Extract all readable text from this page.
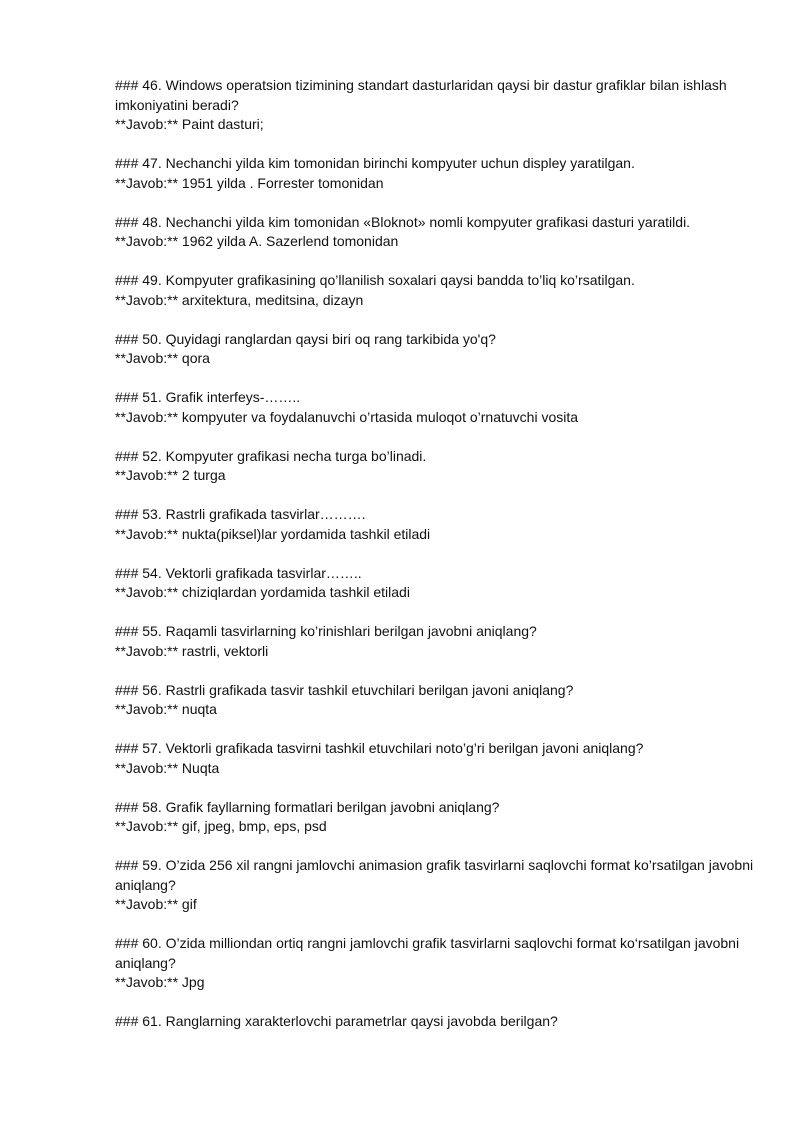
### 46. Windows operatsion tizimining standart dasturlaridan qaysi bir dastur grafiklar bilan ishlash imkoniyatini beradi?

**Javob:** Paint dasturi;

### 47. Nechanchi yilda kim tomonidan birinchi kompyuter uchun displey yaratilgan.

**Javob:** 1951 yilda . Forrester tomonidan

### 48. Nechanchi yilda kim tomonidan «Bloknot» nomli kompyuter grafikasi dasturi yaratildi.

**Javob:** 1962 yilda A. Sazerlend tomonidan

### 49. Kompyuter grafikasining qo’llanilish soxalari qaysi bandda to’liq ko’rsatilgan.

**Javob:** arxitektura, meditsina, dizayn

### 50. Quyidagi ranglardan qaysi biri oq rang tarkibida yo'q?

**Javob:** qora

### 51. Grafik interfeys-……..

**Javob:** kompyuter va foydalanuvchi o’rtasida muloqot o’rnatuvchi vosita

### 52. Kompyuter grafikasi necha turga bo’linadi.

**Javob:** 2 turga

### 53. Rastrli grafikada tasvirlar……….

**Javob:** nukta(piksel)lar yordamida tashkil etiladi

### 54. Vektorli grafikada tasvirlar……..

**Javob:** chiziqlardan yordamida tashkil etiladi

### 55. Raqamli tasvirlarning ko’rinishlari berilgan javobni aniqlang?

**Javob:** rastrli, vektorli

### 56. Rastrli grafikada tasvir tashkil etuvchilari berilgan javoni aniqlang?

**Javob:** nuqta

### 57. Vektorli grafikada tasvirni tashkil etuvchilari noto’g’ri berilgan javoni aniqlang?

**Javob:** Nuqta

### 58. Grafik fayllarning formatlari berilgan javobni aniqlang?

**Javob:** gif, jpeg, bmp, eps, psd

### 59. O’zida 256 xil rangni jamlovchi animasion grafik tasvirlarni saqlovchi format ko’rsatilgan javobni aniqlang?

**Javob:** gif

### 60. O’zida milliondan ortiq rangni jamlovchi grafik tasvirlarni saqlovchi format ko‘rsatilgan javobni aniqlang?

**Javob:** Jpg

### 61. Ranglarning xarakterlovchi parametrlar qaysi javobda berilgan?
